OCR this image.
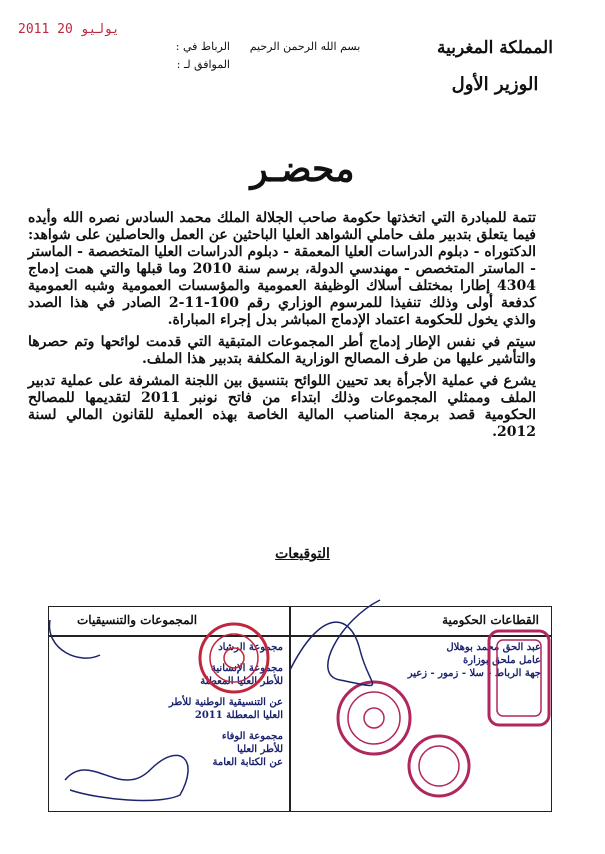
2011 يوليو 20
الرباط في :
الموافق لـ :
بسم الله الرحمن الرحيم	المملكة المغربية
الوزير الأول
محضـر

تتمة للمبادرة التي اتخذتها حكومة صاحب الجلالة الملك محمد السادس نصره الله وأيده فيما يتعلق بتدبير ملف حاملي الشواهد العليا الباحثين عن العمل والحاصلين على شواهد: الدكتوراه - دبلوم الدراسات العليا المعمقة - دبلوم الدراسات العليا المتخصصة - الماستر - الماستر المتخصص - مهندسي الدولة، برسم سنة 2010 وما قبلها والتي همت إدماج 4304 إطارا بمختلف أسلاك الوظيفة العمومية والمؤسسات العمومية وشبه العمومية كدفعة أولى وذلك تنفيذا للمرسوم الوزاري رقم 100-11-2 الصادر في هذا الصدد والذي يخول للحكومة اعتماد الإدماج المباشر بدل إجراء المباراة.

سيتم في نفس الإطار إدماج أطر المجموعات المتبقية التي قدمت لوائحها وتم حصرها والتأشير عليها من طرف المصالح الوزارية المكلفة بتدبير هذا الملف.

يشرع في عملية الأجرأة بعد تحيين اللوائح بتنسيق بين اللجنة المشرفة على عملية تدبير الملف وممثلي المجموعات وذلك ابتداء من فاتح نونبر 2011 لتقديمها للمصالح الحكومية قصد برمجة المناصب المالية الخاصة بهذه العملية للقانون المالي لسنة 2012.

التوقيعات
القطاعات الحكومية
المجموعات والتنسيقيات
عبد الحق محمد بوهلال
عامل ملحق بوزارة
جهة الرباط - سلا - زمور - زعير
مجموعة الرشاد
مجموعة الإنسانية
للأطر العليا المعطلة
عن التنسيقية الوطنية للأطر
العليا المعطلة 2011
مجموعة الوفاء
للأطر العليا
عن الكتابة العامة
